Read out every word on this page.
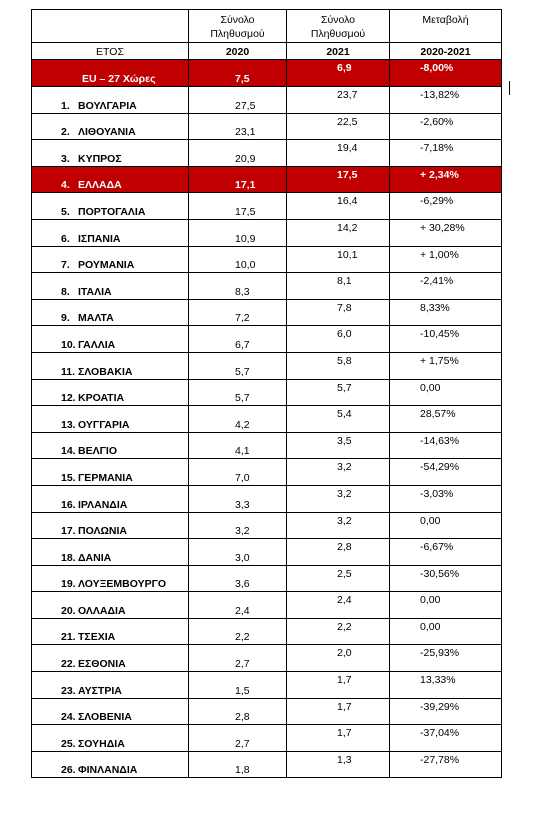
	Σύνολο
Πληθυσμού	Σύνολο
Πληθυσμού	Μεταβολή
ΕΤΟΣ	2020	2021	2020-2021

EU – 27 Χώρες	7,5	6,9	-8,00%

1. ΒΟΥΛΓΑΡΙΑ	27,5	23,7	-13,82%

2. ΛΙΘΟΥΑΝΙΑ	23,1	22,5	-2,60%

3. ΚΥΠΡΟΣ	20,9	19,4	-7,18%

4. ΕΛΛΑΔΑ	17,1	17,5	+ 2,34%

5. ΠΟΡΤΟΓΑΛΙΑ	17,5	16,4	-6,29%

6. ΙΣΠΑΝΙΑ	10,9	14,2	+ 30,28%

7. ΡΟΥΜΑΝΙΑ	10,0	10,1	+ 1,00%

8. ΙΤΑΛΙΑ	8,3	8,1	-2,41%

9. ΜΑΛΤΑ	7,2	7,8	8,33%

10. ΓΑΛΛΙΑ	6,7	6,0	-10,45%

11. ΣΛΟΒΑΚΙΑ	5,7	5,8	+ 1,75%

12. ΚΡΟΑΤΙΑ	5,7	5,7	0,00

13. ΟΥΓΓΑΡΙΑ	4,2	5,4	28,57%

14. ΒΕΛΓΙΟ	4,1	3,5	-14,63%

15. ΓΕΡΜΑΝΙΑ	7,0	3,2	-54,29%

16. ΙΡΛΑΝΔΙΑ	3,3	3,2	-3,03%

17. ΠΟΛΩΝΙΑ	3,2	3,2	0,00

18. ΔΑΝΙΑ	3,0	2,8	-6,67%

19. ΛΟΥΞΕΜΒΟΥΡΓΟ	3,6	2,5	-30,56%

20. ΟΛΛΑΔΙΑ	2,4	2,4	0,00

21. ΤΣΕΧΙΑ	2,2	2,2	0,00

22. ΕΣΘΟΝΙΑ	2,7	2,0	-25,93%

23. ΑΥΣΤΡΙΑ	1,5	1,7	13,33%

24. ΣΛΟΒΕΝΙΑ	2,8	1,7	-39,29%

25. ΣΟΥΗΔΙΑ	2,7	1,7	-37,04%

26. ΦΙΝΛΑΝΔΙΑ	1,8	1,3	-27,78%
